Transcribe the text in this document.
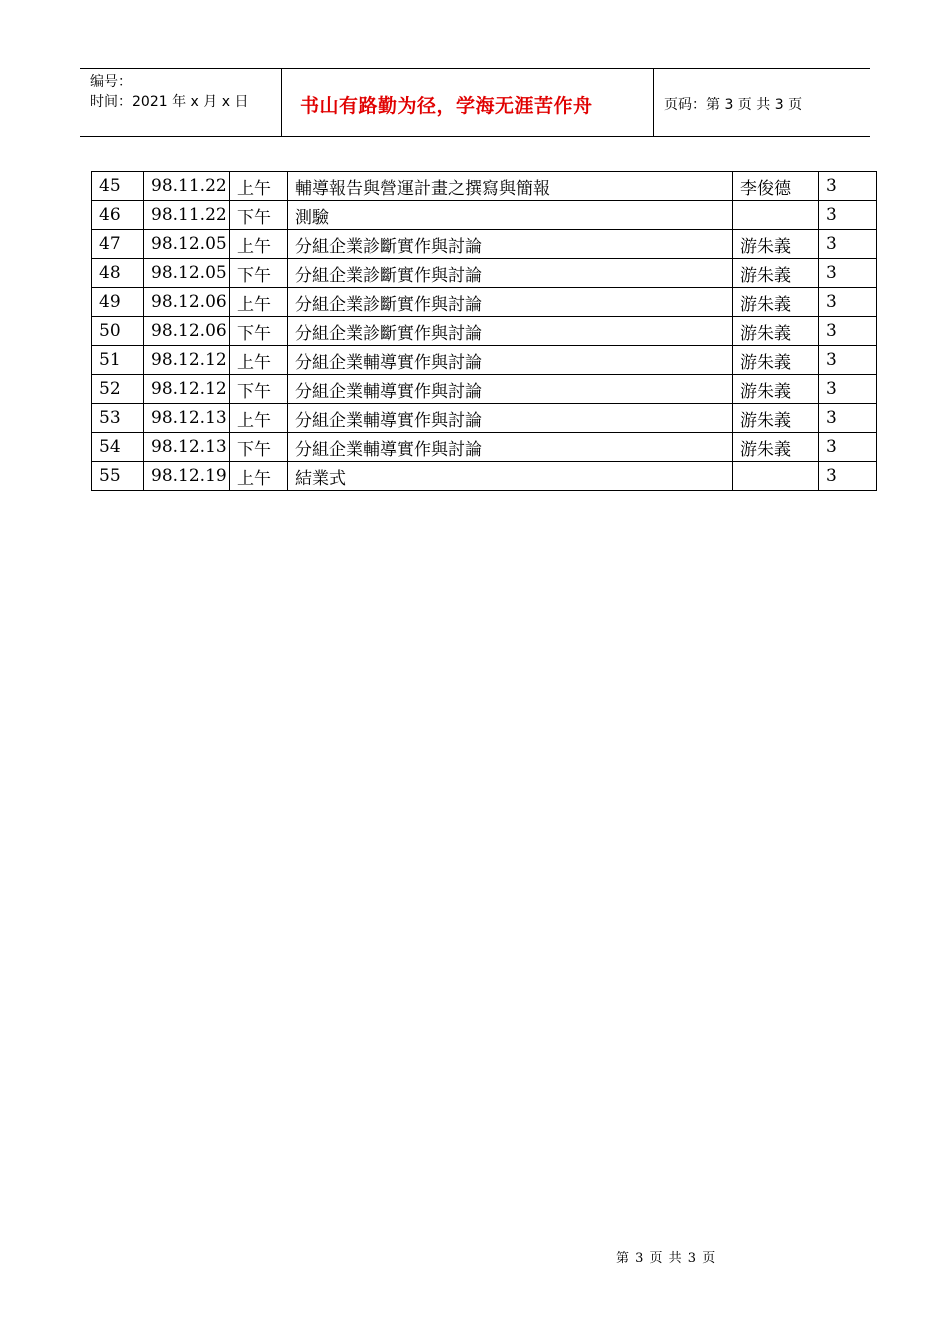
编号：
时间：2021 年 x 月 x 日	书山有路勤为径，学海无涯苦作舟	页码：第 3 页 共 3 页
45	98.11.22	上午	輔導報告與營運計畫之撰寫與簡報	李俊德	3
46	98.11.22	下午	測驗		3
47	98.12.05	上午	分組企業診斷實作與討論	游朱義	3
48	98.12.05	下午	分組企業診斷實作與討論	游朱義	3
49	98.12.06	上午	分組企業診斷實作與討論	游朱義	3
50	98.12.06	下午	分組企業診斷實作與討論	游朱義	3
51	98.12.12	上午	分組企業輔導實作與討論	游朱義	3
52	98.12.12	下午	分組企業輔導實作與討論	游朱義	3
53	98.12.13	上午	分組企業輔導實作與討論	游朱義	3
54	98.12.13	下午	分組企業輔導實作與討論	游朱義	3
55	98.12.19	上午	結業式		3
第 3 页 共 3 页
